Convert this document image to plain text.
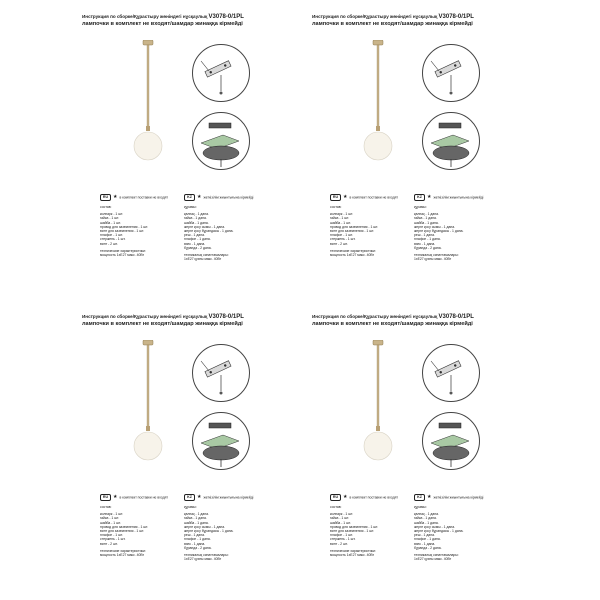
Инструкция по сборке/Құрастыру жөніндегі нұсқаулық V3078-0/1PL
лампочки в комплект не входят/шамдар жинаққа кірмейді
RU ★ в комплект поставки не входят
состав:
колпарк - 1 шт.
гайка - 1 шт.
шайба - 1 шт.
провод для заземления - 1 шт.
винт для заземления - 1 шт.
плафон - 1 шт.
стержень - 1 шт.
винт - 2 шт.
технические характеристики:
мощность 1xE27 макс. 40Вт
KZ ★ жеткізілім жиынтығына кірмейді
құрамы:
қалпақ - 1 дана.
гайка - 1 дана.
шайба - 1 дана.
жерге қосу сымы - 1 дана.
жерге қосу бұрандасы - 1 дана.
реш - 1 дана.
плафон - 1 дана.
өзек - 1 дана.
бұранда - 2 дана.
техникалық сипаттамалары:
1xE27 қуаты макс. 40Вт
Инструкция по сборке/Құрастыру жөніндегі нұсқаулық V3078-0/1PL
лампочки в комплект не входят/шамдар жинаққа кірмейді
RU ★ в комплект поставки не входят
состав:
колпарк - 1 шт.
гайка - 1 шт.
шайба - 1 шт.
провод для заземления - 1 шт.
винт для заземления - 1 шт.
плафон - 1 шт.
стержень - 1 шт.
винт - 2 шт.
технические характеристики:
мощность 1xE27 макс. 40Вт
KZ ★ жеткізілім жиынтығына кірмейді
құрамы:
қалпақ - 1 дана.
гайка - 1 дана.
шайба - 1 дана.
жерге қосу сымы - 1 дана.
жерге қосу бұрандасы - 1 дана.
реш - 1 дана.
плафон - 1 дана.
өзек - 1 дана.
бұранда - 2 дана.
техникалық сипаттамалары:
1xE27 қуаты макс. 40Вт
Инструкция по сборке/Құрастыру жөніндегі нұсқаулық V3078-0/1PL
лампочки в комплект не входят/шамдар жинаққа кірмейді
RU ★ в комплект поставки не входят
состав:
колпарк - 1 шт.
гайка - 1 шт.
шайба - 1 шт.
провод для заземления - 1 шт.
винт для заземления - 1 шт.
плафон - 1 шт.
стержень - 1 шт.
винт - 2 шт.
технические характеристики:
мощность 1xE27 макс. 40Вт
KZ ★ жеткізілім жиынтығына кірмейді
құрамы:
қалпақ - 1 дана.
гайка - 1 дана.
шайба - 1 дана.
жерге қосу сымы - 1 дана.
жерге қосу бұрандасы - 1 дана.
реш - 1 дана.
плафон - 1 дана.
өзек - 1 дана.
бұранда - 2 дана.
техникалық сипаттамалары:
1xE27 қуаты макс. 40Вт
Инструкция по сборке/Құрастыру жөніндегі нұсқаулық V3078-0/1PL
лампочки в комплект не входят/шамдар жинаққа кірмейді
RU ★ в комплект поставки не входят
состав:
колпарк - 1 шт.
гайка - 1 шт.
шайба - 1 шт.
провод для заземления - 1 шт.
винт для заземления - 1 шт.
плафон - 1 шт.
стержень - 1 шт.
винт - 2 шт.
технические характеристики:
мощность 1xE27 макс. 40Вт
KZ ★ жеткізілім жиынтығына кірмейді
құрамы:
қалпақ - 1 дана.
гайка - 1 дана.
шайба - 1 дана.
жерге қосу сымы - 1 дана.
жерге қосу бұрандасы - 1 дана.
реш - 1 дана.
плафон - 1 дана.
өзек - 1 дана.
бұранда - 2 дана.
техникалық сипаттамалары:
1xE27 қуаты макс. 40Вт
